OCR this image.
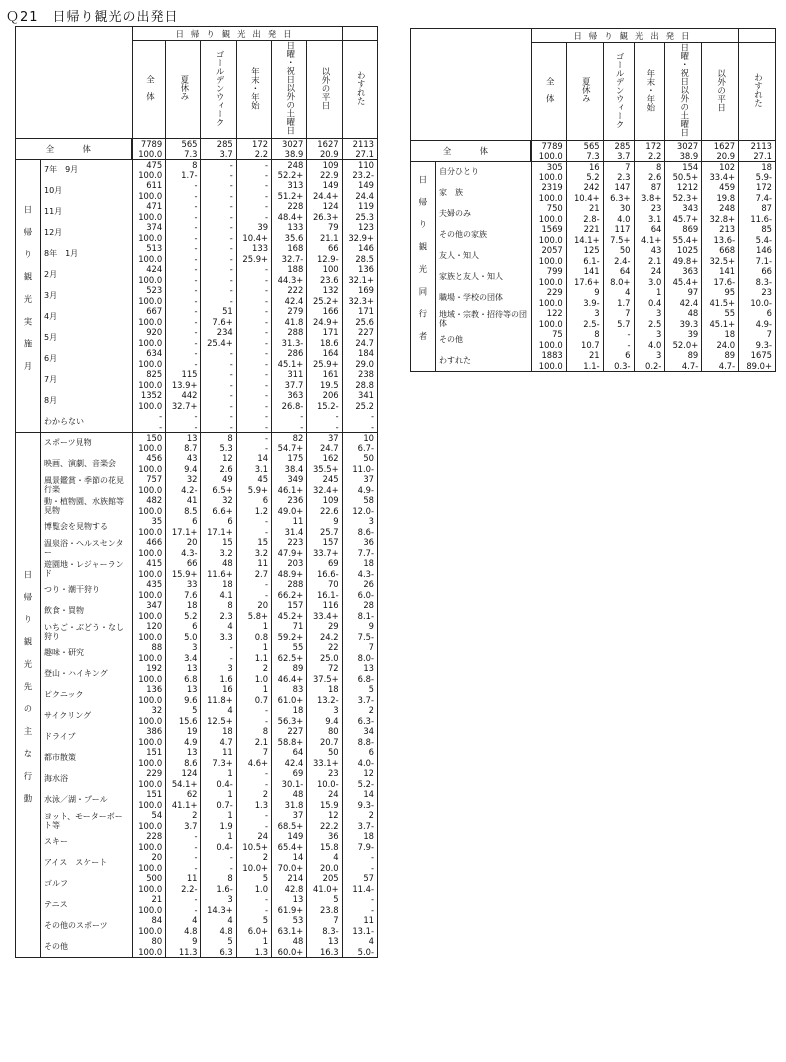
Ｑ21　日帰り観光の出発日
		日帰り観光出発日						
		全　体	夏休み	ゴールデンウィーク	年末・年始	日曜・祝日以外の土曜日	以外の平日	わすれた
全　体		7789	565	285	172	3027	1627	2113
		100.0	7.3	3.7	2.2	38.9	20.9	27.1
日帰り観光実施月	7年　9月	475	8	-	-	248	109	110
		100.0	1.7-	-	-	52.2+	22.9	23.2-
	10月	611	-	-	-	313	149	149
		100.0	-	-	-	51.2+	24.4+	24.4
	11月	471	-	-	-	228	124	119
		100.0	-	-	-	48.4+	26.3+	25.3
	12月	374	-	-	39	133	79	123
		100.0	-	-	10.4+	35.6	21.1	32.9+
	8年　1月	513	-	-	133	168	66	146
		100.0	-	-	25.9+	32.7-	12.9-	28.5
	2月	424	-	-	-	188	100	136
		100.0	-	-	-	44.3+	23.6	32.1+
	3月	523	-	-	-	222	132	169
		100.0	-	-	-	42.4	25.2+	32.3+
	4月	667	-	51	-	279	166	171
		100.0	-	7.6+	-	41.8	24.9+	25.6
	5月	920	-	234	-	288	171	227
		100.0	-	25.4+	-	31.3-	18.6	24.7
	6月	634	-	-	-	286	164	184
		100.0	-	-	-	45.1+	25.9+	29.0
	7月	825	115	-	-	311	161	238
		100.0	13.9+	-	-	37.7	19.5	28.8
	8月	1352	442	-	-	363	206	341
		100.0	32.7+	-	-	26.8-	15.2-	25.2
	わからない	-	-	-	-	-	-	-
		-	-	-	-	-	-	-
日帰り観光先の主な行動	スポーツ見物	150	13	8	-	82	37	10
		100.0	8.7	5.3	-	54.7+	24.7	6.7-
	映画、演劇、音楽会	456	43	12	14	175	162	50
		100.0	9.4	2.6	3.1	38.4	35.5+	11.0-
	風景鑑賞・季節の花見行楽	757	32	49	45	349	245	37
		100.0	4.2-	6.5+	5.9+	46.1+	32.4+	4.9-
	動・植物園、水族館等見物	482	41	32	6	236	109	58
		100.0	8.5	6.6+	1.2	49.0+	22.6	12.0-
	博覧会を見物する	35	6	6	-	11	9	3
		100.0	17.1+	17.1+	-	31.4	25.7	8.6-
	温泉浴・ヘルスセンター	466	20	15	15	223	157	36
		100.0	4.3-	3.2	3.2	47.9+	33.7+	7.7-
	遊園地・レジャーランド	415	66	48	11	203	69	18
		100.0	15.9+	11.6+	2.7	48.9+	16.6-	4.3-
	つり・潮干狩り	435	33	18	-	288	70	26
		100.0	7.6	4.1	-	66.2+	16.1-	6.0-
	飲食・買物	347	18	8	20	157	116	28
		100.0	5.2	2.3	5.8+	45.2+	33.4+	8.1-
	いちご・ぶどう・なし狩り	120	6	4	1	71	29	9
		100.0	5.0	3.3	0.8	59.2+	24.2	7.5-
	趣味・研究	88	3	-	1	55	22	7
		100.0	3.4	-	1.1	62.5+	25.0	8.0-
	登山・ハイキング	192	13	3	2	89	72	13
		100.0	6.8	1.6	1.0	46.4+	37.5+	6.8-
	ピクニック	136	13	16	1	83	18	5
		100.0	9.6	11.8+	0.7	61.0+	13.2-	3.7-
	サイクリング	32	5	4	-	18	3	2
		100.0	15.6	12.5+	-	56.3+	9.4	6.3-
	ドライブ	386	19	18	8	227	80	34
		100.0	4.9	4.7	2.1	58.8+	20.7	8.8-
	都市散策	151	13	11	7	64	50	6
		100.0	8.6	7.3+	4.6+	42.4	33.1+	4.0-
	海水浴	229	124	1	-	69	23	12
		100.0	54.1+	0.4-	-	30.1-	10.0-	5.2-
	水泳／湖・プール	151	62	1	2	48	24	14
		100.0	41.1+	0.7-	1.3	31.8	15.9	9.3-
	ヨット、モーターボート等	54	2	1	-	37	12	2
		100.0	3.7	1.9	-	68.5+	22.2	3.7-
	スキー	228	-	1	24	149	36	18
		100.0	-	0.4-	10.5+	65.4+	15.8	7.9-
	アイス　スケート	20	-	-	2	14	4	-
		100.0	-	-	10.0+	70.0+	20.0	-
	ゴルフ	500	11	8	5	214	205	57
		100.0	2.2-	1.6-	1.0	42.8	41.0+	11.4-
	テニス	21	-	3	-	13	5	-
		100.0	-	14.3+	-	61.9+	23.8	-
	その他のスポーツ	84	4	4	5	53	7	11
		100.0	4.8	4.8	6.0+	63.1+	8.3-	13.1-
	その他	80	9	5	1	48	13	4
		100.0	11.3	6.3	1.3	60.0+	16.3	5.0-
		日帰り観光出発日						
		全　体	夏休み	ゴールデンウィーク	年末・年始	日曜・祝日以外の土曜日	以外の平日	わすれた
全　体		7789	565	285	172	3027	1627	2113
		100.0	7.3	3.7	2.2	38.9	20.9	27.1
日帰り観光同行者	自分ひとり	305	16	7	8	154	102	18
		100.0	5.2	2.3	2.6	50.5+	33.4+	5.9-
	家　族	2319	242	147	87	1212	459	172
		100.0	10.4+	6.3+	3.8+	52.3+	19.8	7.4-
	夫婦のみ	750	21	30	23	343	248	87
		100.0	2.8-	4.0	3.1	45.7+	32.8+	11.6-
	その他の家族	1569	221	117	64	869	213	85
		100.0	14.1+	7.5+	4.1+	55.4+	13.6-	5.4-
	友人・知人	2057	125	50	43	1025	668	146
		100.0	6.1-	2.4-	2.1	49.8+	32.5+	7.1-
	家族と友人・知人	799	141	64	24	363	141	66
		100.0	17.6+	8.0+	3.0	45.4+	17.6-	8.3-
	職場・学校の団体	229	9	4	1	97	95	23
		100.0	3.9-	1.7	0.4	42.4	41.5+	10.0-
	地域・宗教・招待等の団体	122	3	7	3	48	55	6
		100.0	2.5-	5.7	2.5	39.3	45.1+	4.9-
	その他	75	8	-	3	39	18	7
		100.0	10.7	-	4.0	52.0+	24.0	9.3-
	わすれた	1883	21	6	3	89	89	1675
		100.0	1.1-	0.3-	0.2-	4.7-	4.7-	89.0+
